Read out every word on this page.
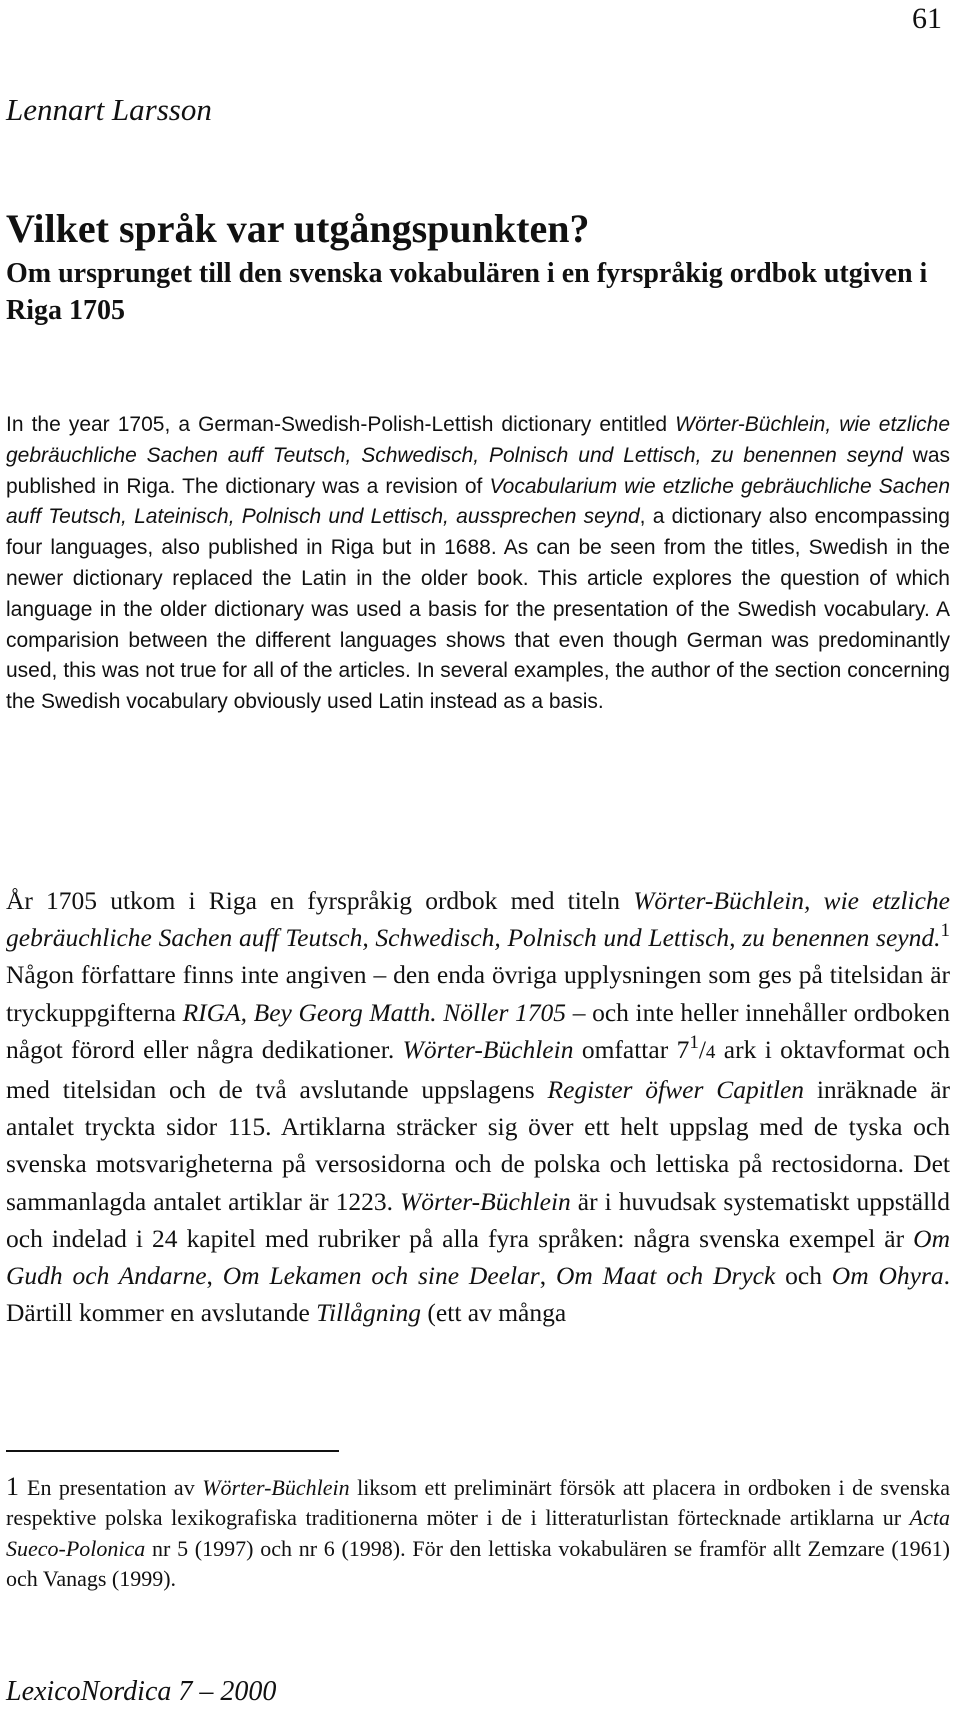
61
Lennart Larsson
Vilket språk var utgångspunkten?
Om ursprunget till den svenska vokabulären i en fyrspråkig ordbok utgiven i Riga 1705

In the year 1705, a German-Swedish-Polish-Lettish dictionary entitled Wörter-Büchlein, wie etzliche gebräuchliche Sachen auff Teutsch, Schwedisch, Polnisch und Lettisch, zu benennen seynd was published in Riga. The dictionary was a revision of Vocabularium wie etzliche gebräuchliche Sachen auff Teutsch, Lateinisch, Polnisch und Lettisch, aussprechen seynd, a dictionary also encompassing four languages, also published in Riga but in 1688. As can be seen from the titles, Swedish in the newer dictionary replaced the Latin in the older book. This article explores the question of which language in the older dictionary was used a basis for the presentation of the Swedish vocabulary. A comparision between the different languages shows that even though German was predominantly used, this was not true for all of the articles. In several examples, the author of the section concerning the Swedish vocabulary obviously used Latin instead as a basis.

År 1705 utkom i Riga en fyrspråkig ordbok med titeln Wörter-Büchlein, wie etzliche gebräuchliche Sachen auff Teutsch, Schwedisch, Polnisch und Lettisch, zu benennen seynd.$^1$ Någon författare finns inte angiven – den enda övriga upplysningen som ges på titelsidan är tryckuppgifterna RIGA, Bey Georg Matth. Nöller 1705 – och inte heller innehåller ordboken något förord eller några dedikationer. Wörter-Büchlein omfattar $7^1/4$ ark i oktavformat och med titelsidan och de två avslutande uppslagens Register öfwer Capitlen inräknade är antalet tryckta sidor 115. Artiklarna sträcker sig över ett helt uppslag med de tyska och svenska motsvarigheterna på versosidorna och de polska och lettiska på rectosidorna. Det sammanlagda antalet artiklar är 1223. Wörter-Büchlein är i huvudsak systematiskt uppställd och indelad i 24 kapitel med rubriker på alla fyra språken: några svenska exempel är Om Gudh och Andarne, Om Lekamen och sine Deelar, Om Maat och Dryck och Om Ohyra. Därtill kommer en avslutande Tillågning (ett av många

1 En presentation av Wörter-Büchlein liksom ett preliminärt försök att placera in ordboken i de svenska respektive polska lexikografiska traditionerna möter i de i litteraturlistan förtecknade artiklarna ur Acta Sueco-Polonica nr 5 (1997) och nr 6 (1998). För den lettiska vokabulären se framför allt Zemzare (1961) och Vanags (1999).

LexicoNordica 7 – 2000
